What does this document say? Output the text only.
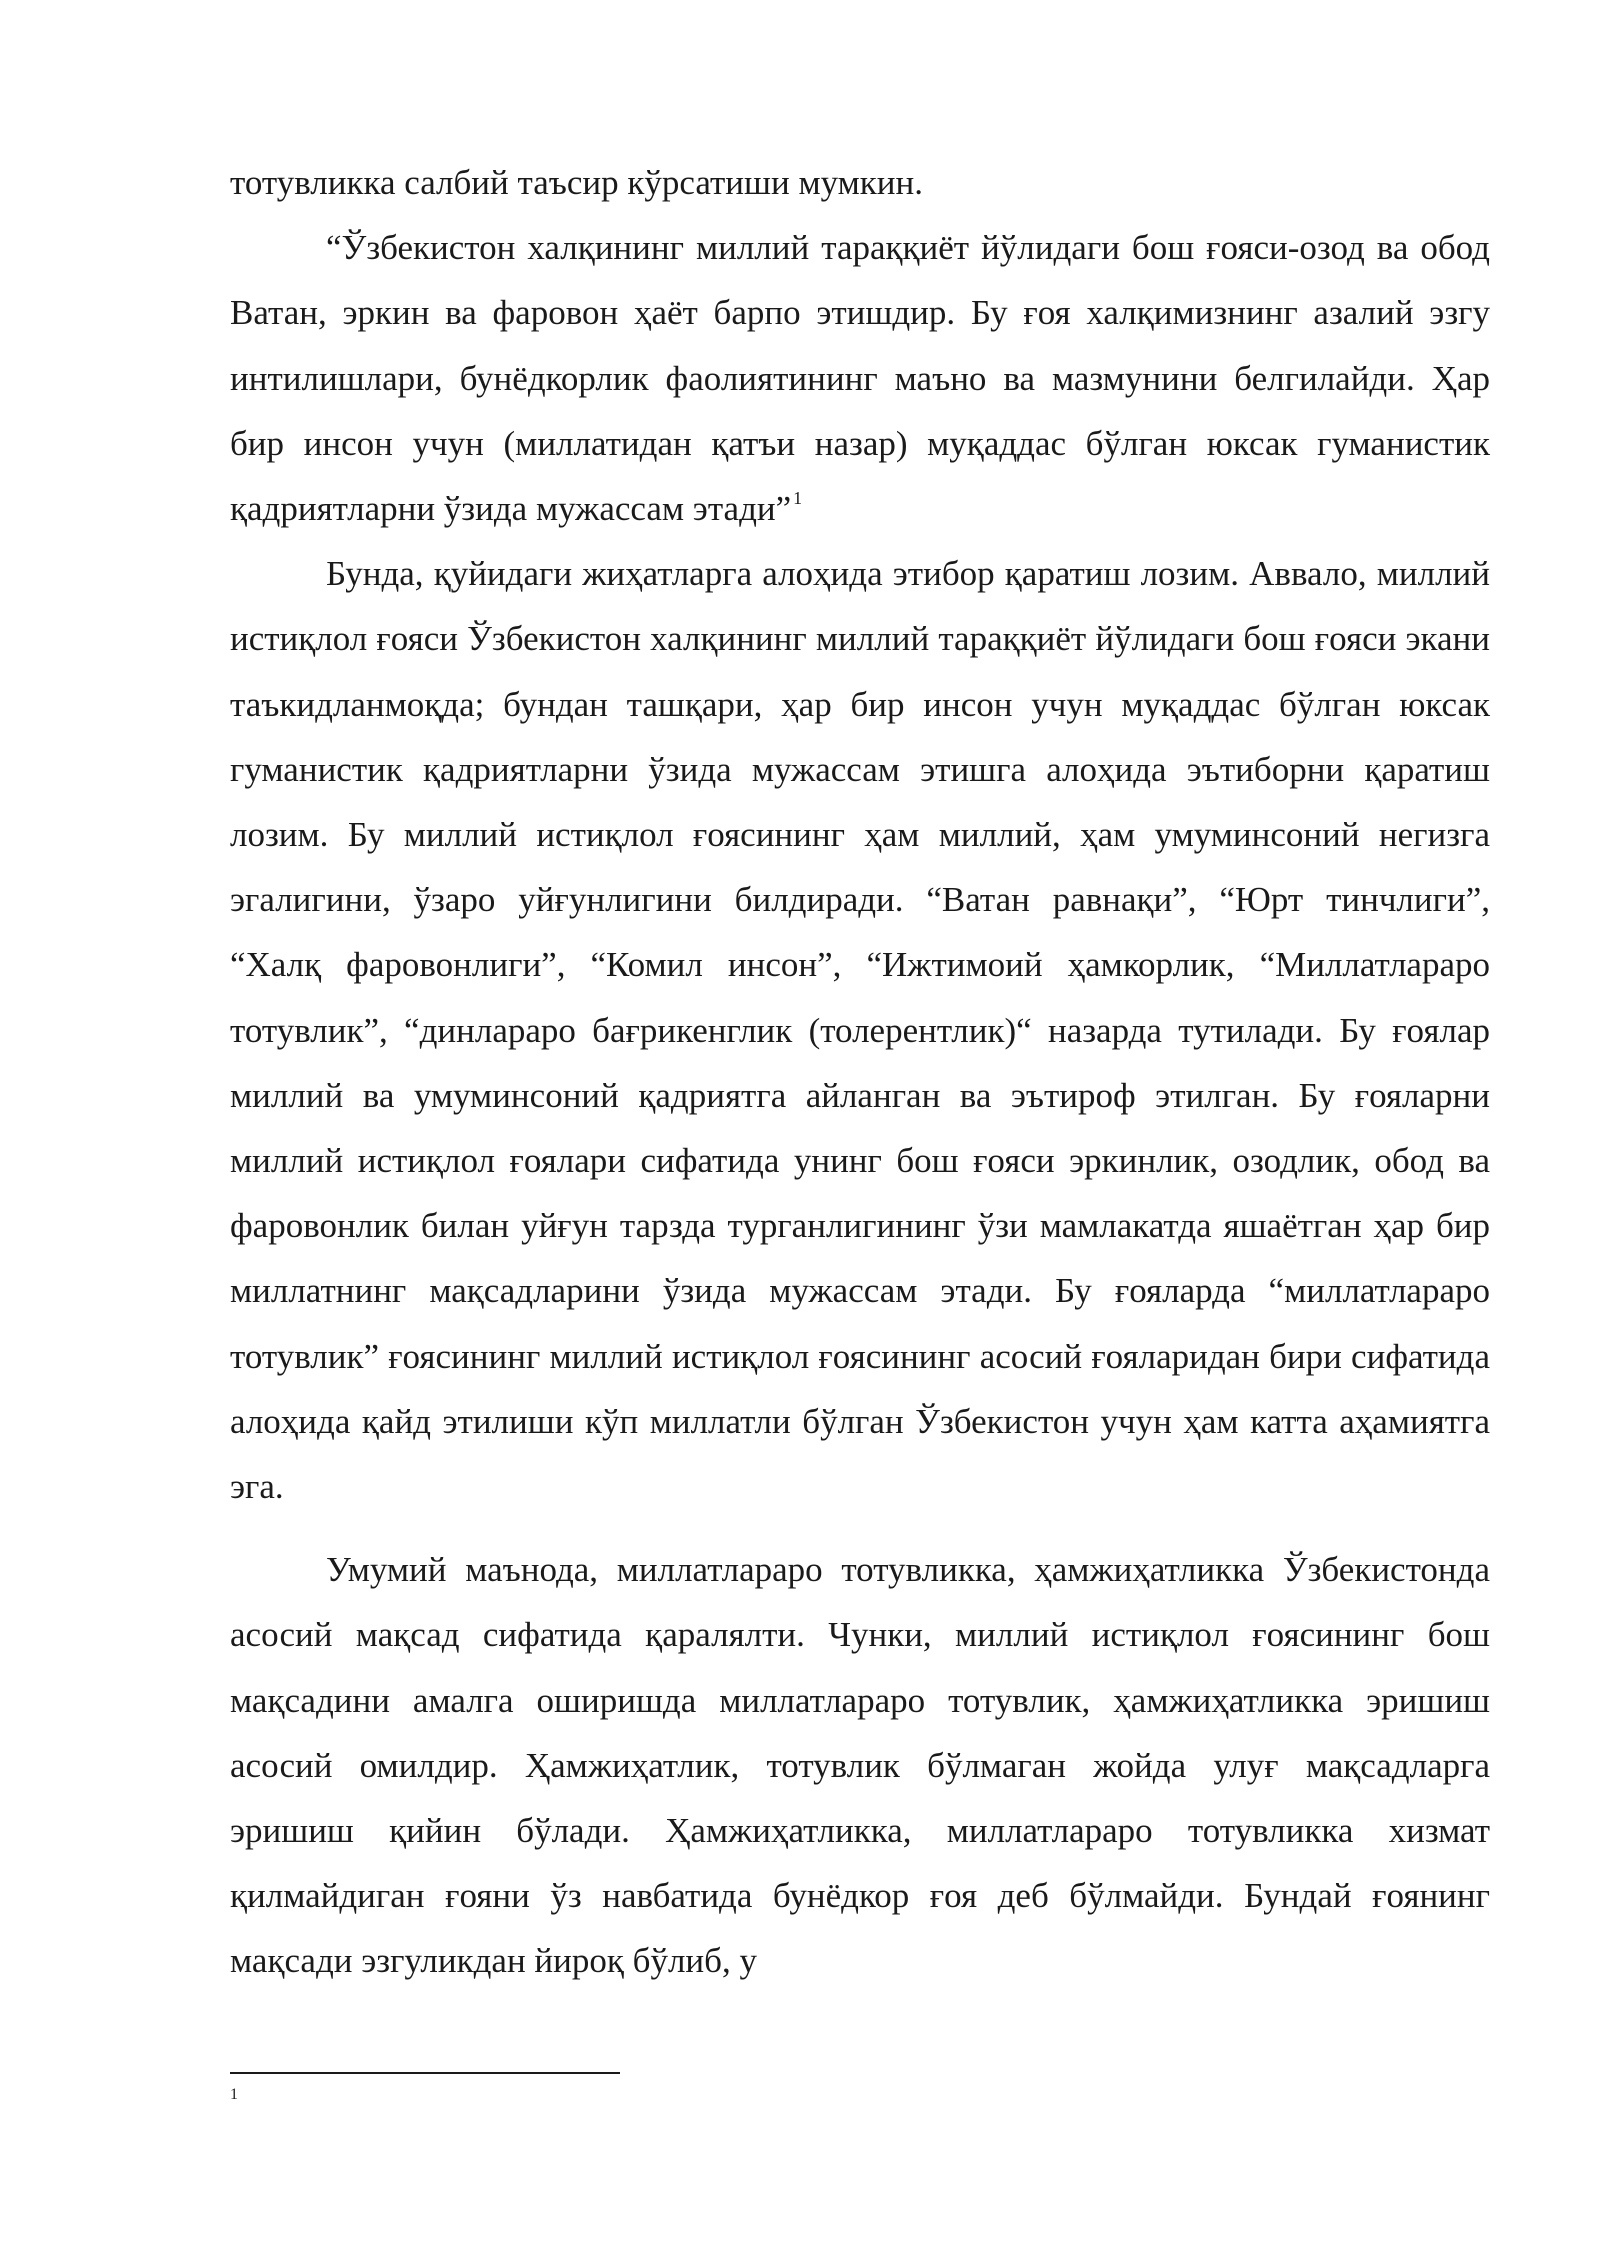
тотувликка салбий таъсир кўрсатиши мумкин.

“Ўзбекистон халқининг миллий тараққиёт йўлидаги бош ғояси-озод ва обод Ватан, эркин ва фаровон ҳаёт барпо этишдир. Бу ғоя халқимизнинг азалий эзгу интилишлари, бунёдкорлик фаолиятининг маъно ва мазмунини белгилайди. Ҳар бир инсон учун (миллатидан қатъи назар) муқаддас бўлган юксак гуманистик қадриятларни ўзида мужассам этади” $^1$

Бунда, қуйидаги жиҳатларга алоҳида этибор қаратиш лозим. Аввало, миллий истиқлол ғояси Ўзбекистон халқининг миллий тараққиёт йўлидаги бош ғояси экани таъкидланмоқда; бундан ташқари, ҳар бир инсон учун муқаддас бўлган юксак гуманистик қадриятларни ўзида мужассам этишга алоҳида эътиборни қаратиш лозим. Бу миллий истиқлол ғоясининг ҳам миллий, ҳам умуминсоний негизга эгалигини, ўзаро уйғунлигини билдиради. “Ватан равнақи”, “Юрт тинчлиги”, “Халқ фаровонлиги”, “Комил инсон”, “Ижтимоий ҳамкорлик, “Миллатлараро тотувлик”, “динлараро бағрикенглик (толерентлик)“ назарда тутилади. Бу ғоялар миллий ва умуминсоний қадриятга айланган ва эътироф этилган. Бу ғояларни миллий истиқлол ғоялари сифатида унинг бош ғояси эркинлик, озодлик, обод ва фаровонлик билан уйғун тарзда турганлигининг ўзи мамлакатда яшаётган ҳар бир миллатнинг мақсадларини ўзида мужассам этади. Бу ғояларда “миллатлараро тотувлик” ғоясининг миллий истиқлол ғоясининг асосий ғояларидан бири сифатида алоҳида қайд этилиши кўп миллатли бўлган Ўзбекистон учун ҳам катта аҳамиятга эга.

Умумий маънода, миллатлараро тотувликка, ҳамжиҳатликка Ўзбекистонда асосий мақсад сифатида қаралялти. Чунки, миллий истиқлол ғоясининг бош мақсадини амалга оширишда миллатлараро тотувлик, ҳамжиҳатликка эришиш асосий омилдир. Ҳамжиҳатлик, тотувлик бўлмаган жойда улуғ мақсадларга эришиш қийин бўлади. Ҳамжиҳатликка, миллатлараро тотувликка хизмат қилмайдиган ғояни ўз навбатида бунёдкор ғоя деб бўлмайди. Бундай ғоянинг мақсади эзгуликдан йироқ бўлиб, у

1
